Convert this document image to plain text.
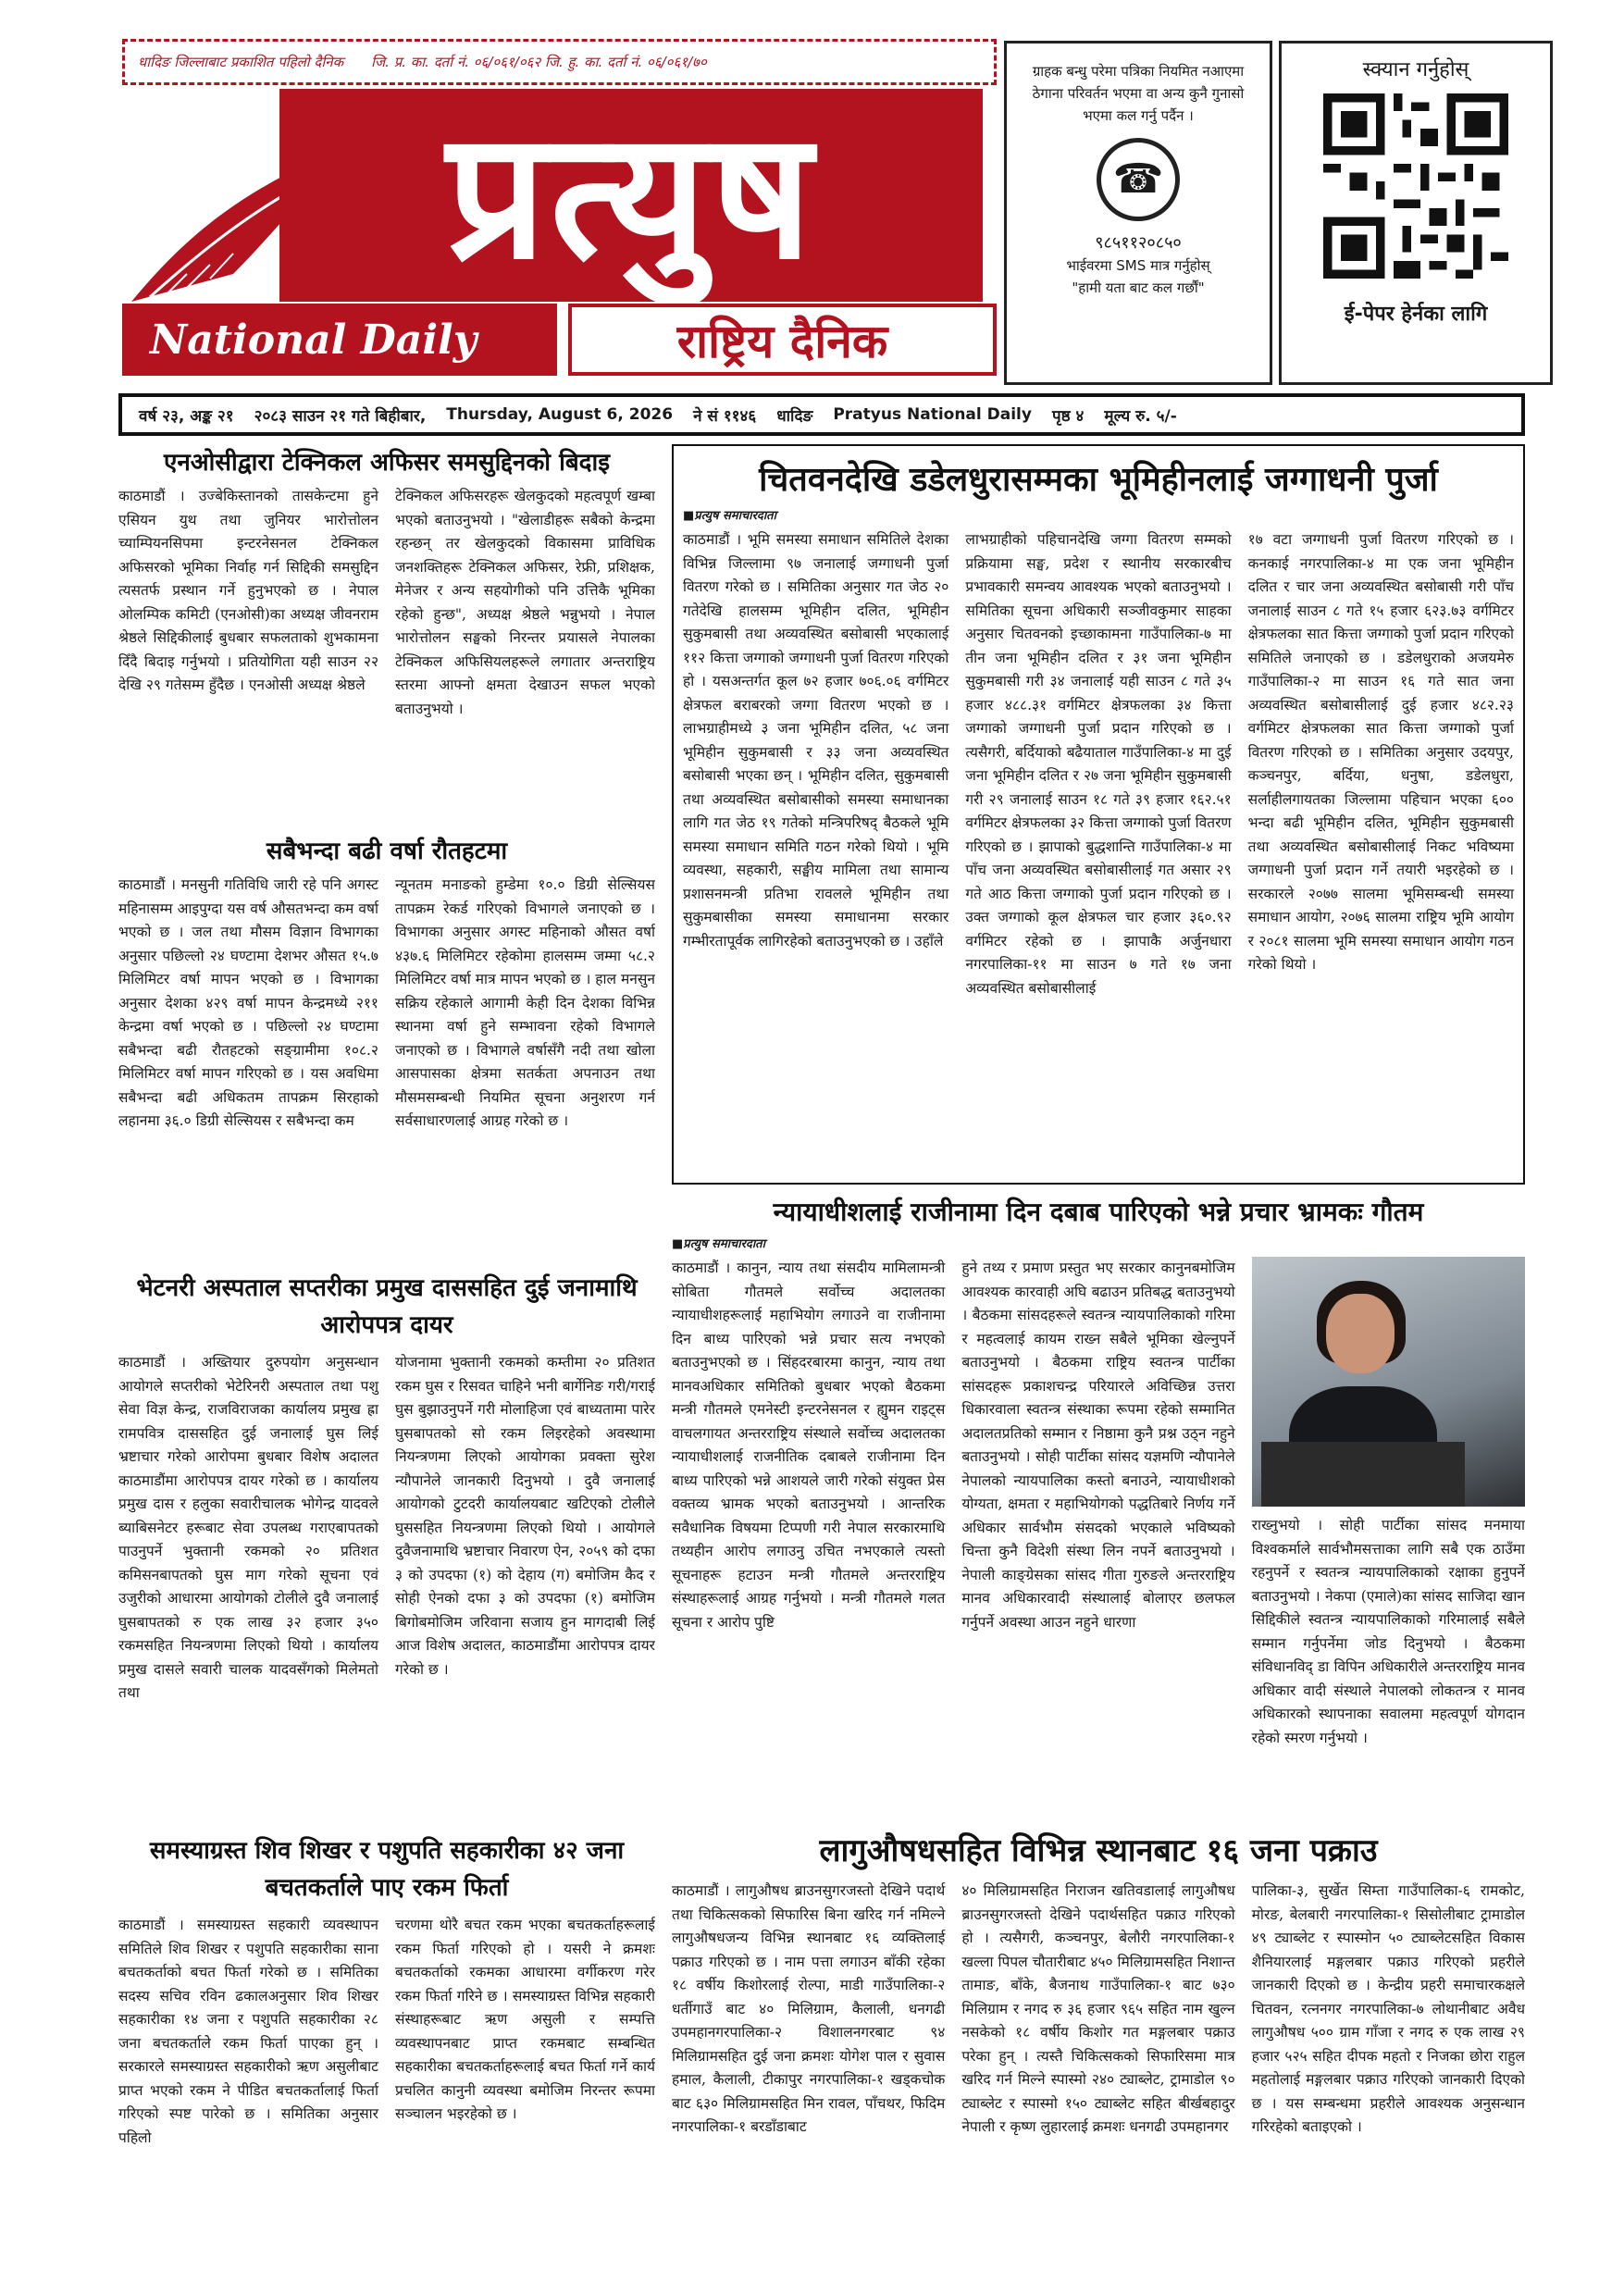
धादिङ जिल्लाबाट प्रकाशित पहिलो दैनिक जि. प्र. का. दर्ता नं. ०६/०६१/०६२ जि. हु. का. दर्ता नं. ०६/०६१/७०
प्रत्युष
National Daily	राष्ट्रिय दैनिक
ग्राहक बन्धु परेमा पत्रिका नियमित नआएमा ठेगाना परिवर्तन भएमा वा अन्य कुनै गुनासो भएमा कल गर्नु पर्दैन ।
☎
९८५११२०८५०
भाईवरमा SMS मात्र गर्नुहोस्
"हामी यता बाट कल गर्छौं"
स्क्यान गर्नुहोस्
ई-पेपर हेर्नका लागि
वर्ष २३, अङ्क २१ २०८३ साउन २१ गते बिहीबार, Thursday, August 6, 2026 ने सं ११४६ धादिङ Pratyus National Daily पृष्ठ ४ मूल्य रु. ५/-
एनओसीद्वारा टेक्निकल अफिसर समसुद्दिनको बिदाइ
काठमाडौं । उज्बेकिस्तानको तासकेन्टमा हुने एसियन युथ तथा जुनियर भारोत्तोलन च्याम्पियनसिपमा इन्टरनेसनल टेक्निकल अफिसरको भूमिका निर्वाह गर्न सिद्दिकी समसुद्दिन त्यसतर्फ प्रस्थान गर्ने हुनुभएको छ । नेपाल ओलम्पिक कमिटी (एनओसी)का अध्यक्ष जीवनराम श्रेष्ठले सिद्दिकीलाई बुधबार सफलताको शुभकामना दिँदै बिदाइ गर्नुभयो । प्रतियोगिता यही साउन २२ देखि २९ गतेसम्म हुँदैछ । एनओसी अध्यक्ष श्रेष्ठले
टेक्निकल अफिसरहरू खेलकुदको महत्वपूर्ण खम्बा भएको बताउनुभयो । "खेलाडीहरू सबैको केन्द्रमा रहन्छन् तर खेलकुदको विकासमा प्राविधिक जनशक्तिहरू टेक्निकल अफिसर, रेफ्री, प्रशिक्षक, मेनेजर र अन्य सहयोगीको पनि उत्तिकै भूमिका रहेको हुन्छ", अध्यक्ष श्रेष्ठले भन्नुभयो । नेपाल भारोत्तोलन सङ्घको निरन्तर प्रयासले नेपालका टेक्निकल अफिसियलहरूले लगातार अन्तराष्ट्रिय स्तरमा आफ्नो क्षमता देखाउन सफल भएको बताउनुभयो ।
सबैभन्दा बढी वर्षा रौतहटमा
काठमाडौं । मनसुनी गतिविधि जारी रहे पनि अगस्ट महिनासम्म आइपुग्दा यस वर्ष औसतभन्दा कम वर्षा भएको छ । जल तथा मौसम विज्ञान विभागका अनुसार पछिल्लो २४ घण्टामा देशभर औसत १५.७ मिलिमिटर वर्षा मापन भएको छ । विभागका अनुसार देशका ४२९ वर्षा मापन केन्द्रमध्ये २११ केन्द्रमा वर्षा भएको छ । पछिल्लो २४ घण्टामा सबैभन्दा बढी रौतहटको सङ्ग्रामीमा १०८.२ मिलिमिटर वर्षा मापन गरिएको छ । यस अवधिमा सबैभन्दा बढी अधिकतम तापक्रम सिरहाको लहानमा ३६.० डिग्री सेल्सियस र सबैभन्दा कम
न्यूनतम मनाङको हुम्डेमा १०.० डिग्री सेल्सियस तापक्रम रेकर्ड गरिएको विभागले जनाएको छ । विभागका अनुसार अगस्ट महिनाको औसत वर्षा ४३७.६ मिलिमिटर रहेकोमा हालसम्म जम्मा ५८.२ मिलिमिटर वर्षा मात्र मापन भएको छ । हाल मनसुन सक्रिय रहेकाले आगामी केही दिन देशका विभिन्न स्थानमा वर्षा हुने सम्भावना रहेको विभागले जनाएको छ । विभागले वर्षासँगै नदी तथा खोला आसपासका क्षेत्रमा सतर्कता अपनाउन तथा मौसमसम्बन्धी नियमित सूचना अनुशरण गर्न सर्वसाधारणलाई आग्रह गरेको छ ।
भेटनरी अस्पताल सप्तरीका प्रमुख दाससहित दुई जनामाथि आरोपपत्र दायर
काठमाडौं । अख्तियार दुरुपयोग अनुसन्धान आयोगले सप्तरीको भेटेरिनरी अस्पताल तथा पशु सेवा विज्ञ केन्द्र, राजविराजका कार्यालय प्रमुख ह्रा रामपवित्र दाससहित दुई जनालाई घुस लिई भ्रष्टाचार गरेको आरोपमा बुधबार विशेष अदालत काठमाडौंमा आरोपपत्र दायर गरेको छ । कार्यालय प्रमुख दास र हलुका सवारीचालक भोगेन्द्र यादवले ब्याबिसनेटर हरूबाट सेवा उपलब्ध गराएबापतको पाउनुपर्ने भुक्तानी रकमको २० प्रतिशत कमिसनबापतको घुस माग गरेको सूचना एवं उजुरीको आधारमा आयोगको टोलीले दुवै जनालाई घुसबापतको रु एक लाख ३२ हजार ३५० रकमसहित नियन्त्रणमा लिएको थियो । कार्यालय प्रमुख दासले सवारी चालक यादवसँगको मिलेमतो तथा
योजनामा भुक्तानी रकमको कम्तीमा २० प्रतिशत रकम घुस र रिसवत चाहिने भनी बार्गेनिङ गरी/गराई घुस बुझाउनुपर्ने गरी मोलाहिजा एवं बाध्यतामा पारेर घुसबापतको सो रकम लिइरहेको अवस्थामा नियन्त्रणमा लिएको आयोगका प्रवक्ता सुरेश न्यौपानेले जानकारी दिनुभयो । दुवै जनालाई आयोगको टुटदरी कार्यालयबाट खटिएको टोलीले घुससहित नियन्त्रणमा लिएको थियो । आयोगले दुवैजनामाथि भ्रष्टाचार निवारण ऐन, २०५९ को दफा ३ को उपदफा (१) को देहाय (ग) बमोजिम कैद र सोही ऐनको दफा ३ को उपदफा (१) बमोजिम बिगोबमोजिम जरिवाना सजाय हुन मागदाबी लिई आज विशेष अदालत, काठमाडौंमा आरोपपत्र दायर गरेको छ ।
समस्याग्रस्त शिव शिखर र पशुपति सहकारीका ४२ जना बचतकर्ताले पाए रकम फिर्ता
काठमाडौं । समस्याग्रस्त सहकारी व्यवस्थापन समितिले शिव शिखर र पशुपति सहकारीका साना बचतकर्ताको बचत फिर्ता गरेको छ । समितिका सदस्य सचिव रविन ढकालअनुसार शिव शिखर सहकारीका १४ जना र पशुपति सहकारीका २८ जना बचतकर्तालेे रकम फिर्ता पाएका हुन् । सरकारले समस्याग्रस्त सहकारीको ऋण असुलीबाट प्राप्त भएको रकम ने पीडित बचतकर्तालाई फिर्ता गरिएको स्पष्ट पारेको छ । समितिका अनुसार पहिलो
चरणमा थोरै बचत रकम भएका बचतकर्ताहरूलाई रकम फिर्ता गरिएको हो । यसरी ने क्रमशः बचतकर्ताको रकमका आधारमा वर्गीकरण गरेर रकम फिर्ता गरिने छ । समस्याग्रस्त विभिन्न सहकारी संस्थाहरूबाट ऋण असुली र सम्पत्ति व्यवस्थापनबाट प्राप्त रकमबाट सम्बन्धित सहकारीका बचतकर्ताहरूलाई बचत फिर्ता गर्ने कार्य प्रचलित कानुनी व्यवस्था बमोजिम निरन्तर रूपमा सञ्चालन भइरहेको छ ।
चितवनदेखि डडेलधुरासम्मका भूमिहीनलाई जग्गाधनी पुर्जा
■ प्रत्युष समाचारदाता
काठमाडौं । भूमि समस्या समाधान समितिले देशका विभिन्न जिल्लामा ९७ जनालाई जग्गाधनी पुर्जा वितरण गरेको छ । समितिका अनुसार गत जेठ २० गतेदेखि हालसम्म भूमिहीन दलित, भूमिहीन सुकुमबासी तथा अव्यवस्थित बसोबासी भएकालाई ११२ कित्ता जग्गाको जग्गाधनी पुर्जा वितरण गरिएको हो । यसअन्तर्गत कूल ७२ हजार ७०६.०६ वर्गमिटर क्षेत्रफल बराबरको जग्गा वितरण भएको छ । लाभग्राहीमध्ये ३ जना भूमिहीन दलित, ५८ जना भूमिहीन सुकुमबासी र ३३ जना अव्यवस्थित बसोबासी भएका छन् । भूमिहीन दलित, सुकुमबासी तथा अव्यवस्थित बसोबासीको समस्या समाधानका लागि गत जेठ १९ गतेको मन्त्रिपरिषद् बैठकले भूमि समस्या समाधान समिति गठन गरेको थियो । भूमि व्यवस्था, सहकारी, सङ्घीय मामिला तथा सामान्य प्रशासनमन्त्री प्रतिभा रावलले भूमिहीन तथा सुकुमबासीका समस्या समाधानमा सरकार गम्भीरतापूर्वक लागिरहेको बताउनुभएको छ । उहाँले
लाभग्राहीको पहिचानदेखि जग्गा वितरण सम्मको प्रक्रियामा सङ्घ, प्रदेश र स्थानीय सरकारबीच प्रभावकारी समन्वय आवश्यक भएको बताउनुभयो । समितिका सूचना अधिकारी सञ्जीवकुमार साहका अनुसार चितवनको इच्छाकामना गाउँपालिका-७ मा तीन जना भूमिहीन दलित र ३१ जना भूमिहीन सुकुमबासी गरी ३४ जनालाई यही साउन ८ गते ३५ हजार ४८८.३१ वर्गमिटर क्षेत्रफलका ३४ कित्ता जग्गाको जग्गाधनी पुर्जा प्रदान गरिएको छ । त्यसैगरी, बर्दियाको बढैयाताल गाउँपालिका-४ मा दुई जना भूमिहीन दलित र २७ जना भूमिहीन सुकुमबासी गरी २९ जनालाई साउन १८ गते ३९ हजार १६२.५१ वर्गमिटर क्षेत्रफलका ३२ कित्ता जग्गाको पुर्जा वितरण गरिएको छ । झापाको बुद्धशान्ति गाउँपालिका-४ मा पाँच जना अव्यवस्थित बसोबासीलाई गत असार २९ गते आठ कित्ता जग्गाको पुर्जा प्रदान गरिएको छ । उक्त जग्गाको कूल क्षेत्रफल चार हजार ३६०.९२ वर्गमिटर रहेको छ । झापाकै अर्जुनधारा नगरपालिका-११ मा साउन ७ गते १७ जना अव्यवस्थित बसोबासीलाई
१७ वटा जग्गाधनी पुर्जा वितरण गरिएको छ । कनकाई नगरपालिका-४ मा एक जना भूमिहीन दलित र चार जना अव्यवस्थित बसोबासी गरी पाँच जनालाई साउन ८ गते १५ हजार ६२३.७३ वर्गमिटर क्षेत्रफलका सात कित्ता जग्गाको पुर्जा प्रदान गरिएको समितिले जनाएको छ । डडेलधुराको अजयमेरु गाउँपालिका-२ मा साउन १६ गते सात जना अव्यवस्थित बसोबासीलाई दुई हजार ४८२.२३ वर्गमिटर क्षेत्रफलका सात कित्ता जग्गाको पुर्जा वितरण गरिएको छ । समितिका अनुसार उदयपुर, कञ्चनपुर, बर्दिया, धनुषा, डडेलधुरा, सर्लाहीलगायतका जिल्लामा पहिचान भएका ६०० भन्दा बढी भूमिहीन दलित, भूमिहीन सुकुमबासी तथा अव्यवस्थित बसोबासीलाई निकट भविष्यमा जग्गाधनी पुर्जा प्रदान गर्ने तयारी भइरहेको छ । सरकारले २०७७ सालमा भूमिसम्बन्धी समस्या समाधान आयोग, २०७६ सालमा राष्ट्रिय भूमि आयोग र २०८१ सालमा भूमि समस्या समाधान आयोग गठन गरेको थियो ।
न्यायाधीशलाई राजीनामा दिन दबाब पारिएको भन्ने प्रचार भ्रामकः गौतम
■ प्रत्युष समाचारदाता
काठमाडौं । कानुन, न्याय तथा संसदीय मामिलामन्त्री सोबिता गौतमले सर्वोच्च अदालतका न्यायाधीशहरूलाई महाभियोग लगाउने वा राजीनामा दिन बाध्य पारिएको भन्ने प्रचार सत्य नभएको बताउनुभएको छ । सिंहदरबारमा कानुन, न्याय तथा मानवअधिकार समितिको बुधबार भएको बैठकमा मन्त्री गौतमले एमनेस्टी इन्टरनेसनल र ह्युमन राइट्स वाचलगायत अन्तरराष्ट्रिय संस्थाले सर्वोच्च अदालतका न्यायाधीशलाई राजनीतिक दबाबले राजीनामा दिन बाध्य पारिएको भन्ने आशयले जारी गरेको संयुक्त प्रेस वक्तव्य भ्रामक भएको बताउनुभयो । आन्तरिक सवैधानिक विषयमा टिप्पणी गरी नेपाल सरकारमाथि तथ्यहीन आरोप लगाउनु उचित नभएकाले त्यस्तो सूचनाहरू हटाउन मन्त्री गौतमले अन्तरराष्ट्रिय संस्थाहरूलाई आग्रह गर्नुभयो । मन्त्री गौतमले गलत सूचना र आरोप पुष्टि
हुने तथ्य र प्रमाण प्रस्तुत भए सरकार कानुनबमोजिम आवश्यक कारवाही अघि बढाउन प्रतिबद्ध बताउनुभयो । बैठकमा सांसदहरूले स्वतन्त्र न्यायपालिकाको गरिमा र महत्वलाई कायम राख्न सबैले भूमिका खेल्नुपर्ने बताउनुभयो । बैठकमा राष्ट्रिय स्वतन्त्र पार्टीका सांसदहरू प्रकाशचन्द्र परियारले अविच्छिन्न उत्तरा धिकारवाला स्वतन्त्र संस्थाका रूपमा रहेको सम्मानित अदालतप्रतिको सम्मान र निष्ठामा कुनै प्रश्न उठ्न नहुने बताउनुभयो । सोही पार्टीका सांसद यज्ञमणि न्यौपानेले नेपालको न्यायपालिका कस्तो बनाउने, न्यायाधीशको योग्यता, क्षमता र महाभियोगको पद्धतिबारे निर्णय गर्ने अधिकार सार्वभौम संसदको भएकाले भविष्यको चिन्ता कुनै विदेशी संस्था लिन नपर्ने बताउनुभयो । नेपाली काङ्ग्रेसका सांसद गीता गुरुङले अन्तरराष्ट्रिय मानव अधिकारवादी संस्थालाई बोलाएर छलफल गर्नुपर्ने अवस्था आउन नहुने धारणा
राख्नुभयो । सोही पार्टीका सांसद मनमाया विश्वकर्माले सार्वभौमसत्ताका लागि सबै एक ठाउँमा रहनुपर्ने र स्वतन्त्र न्यायपालिकाको रक्षाका हुनुपर्ने बताउनुभयो । नेकपा (एमाले)का सांसद साजिदा खान सिद्दिकीले स्वतन्त्र न्यायपालिकाको गरिमालाई सबैले सम्मान गर्नुपर्नेमा जोड दिनुभयो । बैठकमा संविधानविद् डा विपिन अधिकारीले अन्तरराष्ट्रिय मानव अधिकार वादी संस्थाले नेपालको लोकतन्त्र र मानव अधिकारको स्थापनाका सवालमा महत्वपूर्ण योगदान रहेको स्मरण गर्नुभयो ।
लागुऔषधसहित विभिन्न स्थानबाट १६ जना पक्राउ
काठमाडौं । लागुऔषध ब्राउनसुगरजस्तो देखिने पदार्थ तथा चिकित्सकको सिफारिस बिना खरिद गर्न नमिल्ने लागुऔषधजन्य विभिन्न स्थानबाट १६ व्यक्तिलाई पक्राउ गरिएको छ । नाम पत्ता लगाउन बाँकी रहेका १८ वर्षीय किशोरलाई रोल्पा, माडी गाउँपालिका-२ धर्तीगाउँ बाट ४० मिलिग्राम, कैलाली, धनगढी उपमहानगरपालिका-२ विशालनगरबाट ९४ मिलिग्रामसहित दुई जना क्रमशः योगेश पाल र सुवास हमाल, कैलाली, टीकापुर नगरपालिका-१ खड्कचोक बाट ६३० मिलिग्रामसहित मिन रावल, पाँचथर, फिदिम नगरपालिका-१ बरडाँडाबाट
४० मिलिग्रामसहित निराजन खतिवडालाई लागुऔषध ब्राउनसुगरजस्तो देखिने पदार्थसहित पक्राउ गरिएको हो । त्यसैगरी, कञ्चनपुर, बेलौरी नगरपालिका-१ खल्ला पिपल चौतारीबाट ४५० मिलिग्रामसहित निशान्त तामाङ, बाँके, बैजनाथ गाउँपालिका-१ बाट ७३० मिलिग्राम र नगद रु ३६ हजार ९६५ सहित नाम खुल्न नसकेको १८ वर्षीय किशोर गत मङ्गलबार पक्राउ परेका हुन् । त्यस्तै चिकित्सकको सिफारिसमा मात्र खरिद गर्न मिल्ने स्पास्मो २४० ट्याब्लेट, ट्रामाडोल ९० ट्याब्लेट र स्पास्मो १५० ट्याब्लेट सहित बीर्खबहादुर नेपाली र कृष्ण लुहारलाई क्रमशः धनगढी उपमहानगर
पालिका-३, सुर्खेत सिम्ता गाउँपालिका-६ रामकोट, मोरङ, बेलबारी नगरपालिका-१ सिसोलीबाट ट्रामाडोल ४९ ट्याब्लेट र स्पास्मोन ५० ट्याब्लेटसहित विकास शैनियारलाई मङ्गलबार पक्राउ गरिएको प्रहरीले जानकारी दिएको छ । केन्द्रीय प्रहरी समाचारकक्षले चितवन, रत्ननगर नगरपालिका-७ लोथानीबाट अवैध लागुऔषध ५०० ग्राम गाँजा र नगद रु एक लाख २९ हजार ५२५ सहित दीपक महतो र निजका छोरा राहुल महतोलाई मङ्गलबार पक्राउ गरिएको जानकारी दिएको छ । यस सम्बन्धमा प्रहरीले आवश्यक अनुसन्धान गरिरहेको बताइएको ।
